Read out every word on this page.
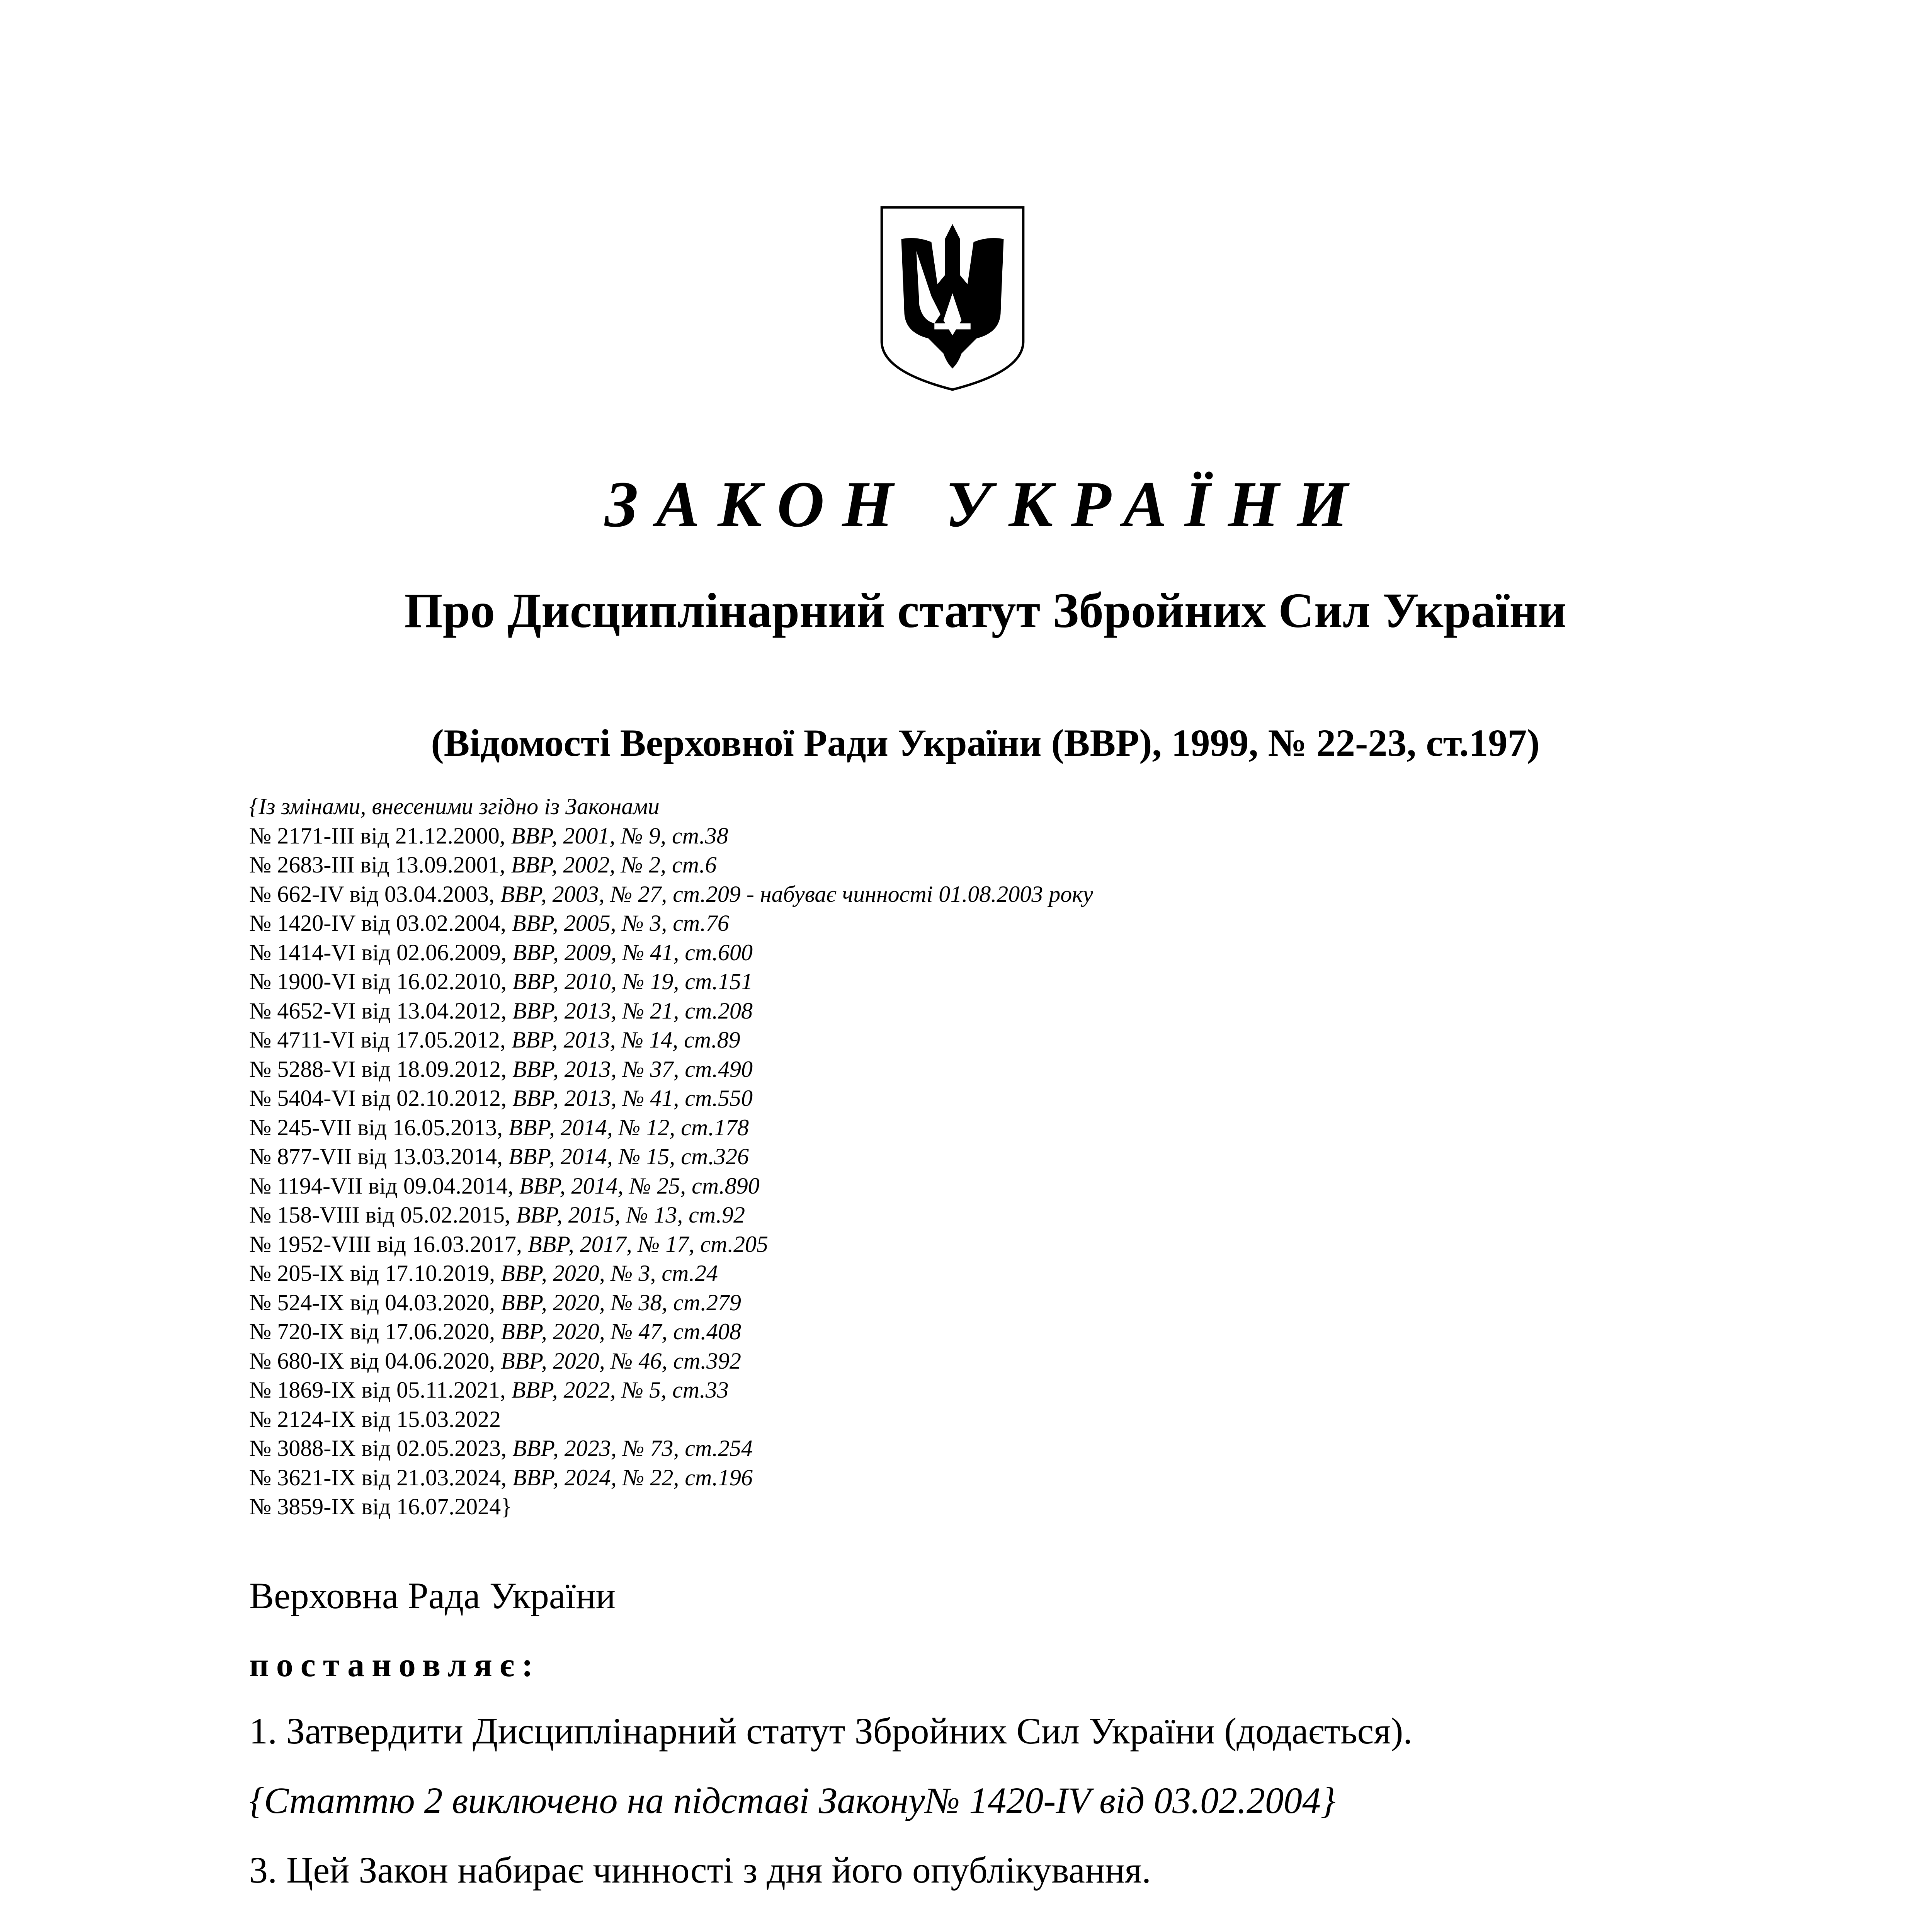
ЗАКОН УКРАЇНИ
Про Дисциплінарний статут Збройних Сил України
(Відомості Верховної Ради України (ВВР), 1999, № 22-23, ст.197)
{Із змінами, внесеними згідно із Законами
№ 2171-III від 21.12.2000, ВВР, 2001, № 9, ст.38
№ 2683-III від 13.09.2001, ВВР, 2002, № 2, ст.6
№ 662-IV від 03.04.2003, ВВР, 2003, № 27, ст.209 - набуває чинності 01.08.2003 року
№ 1420-IV від 03.02.2004, ВВР, 2005, № 3, ст.76
№ 1414-VI від 02.06.2009, ВВР, 2009, № 41, ст.600
№ 1900-VI від 16.02.2010, ВВР, 2010, № 19, ст.151
№ 4652-VI від 13.04.2012, ВВР, 2013, № 21, ст.208
№ 4711-VI від 17.05.2012, ВВР, 2013, № 14, ст.89
№ 5288-VI від 18.09.2012, ВВР, 2013, № 37, ст.490
№ 5404-VI від 02.10.2012, ВВР, 2013, № 41, ст.550
№ 245-VII від 16.05.2013, ВВР, 2014, № 12, ст.178
№ 877-VII від 13.03.2014, ВВР, 2014, № 15, ст.326
№ 1194-VII від 09.04.2014, ВВР, 2014, № 25, ст.890
№ 158-VIII від 05.02.2015, ВВР, 2015, № 13, ст.92
№ 1952-VIII від 16.03.2017, ВВР, 2017, № 17, ст.205
№ 205-IX від 17.10.2019, ВВР, 2020, № 3, ст.24
№ 524-IX від 04.03.2020, ВВР, 2020, № 38, ст.279
№ 720-IX від 17.06.2020, ВВР, 2020, № 47, ст.408
№ 680-IX від 04.06.2020, ВВР, 2020, № 46, ст.392
№ 1869-IX від 05.11.2021, ВВР, 2022, № 5, ст.33
№ 2124-IX від 15.03.2022
№ 3088-IX від 02.05.2023, ВВР, 2023, № 73, ст.254
№ 3621-IX від 21.03.2024, ВВР, 2024, № 22, ст.196
№ 3859-IX від 16.07.2024}
Верховна Рада України
постановляє:
1. Затвердити Дисциплінарний статут Збройних Сил України (додається).
{Статтю 2 виключено на підставі Закону№ 1420-IV від 03.02.2004}
3. Цей Закон набирає чинності з дня його опублікування.
